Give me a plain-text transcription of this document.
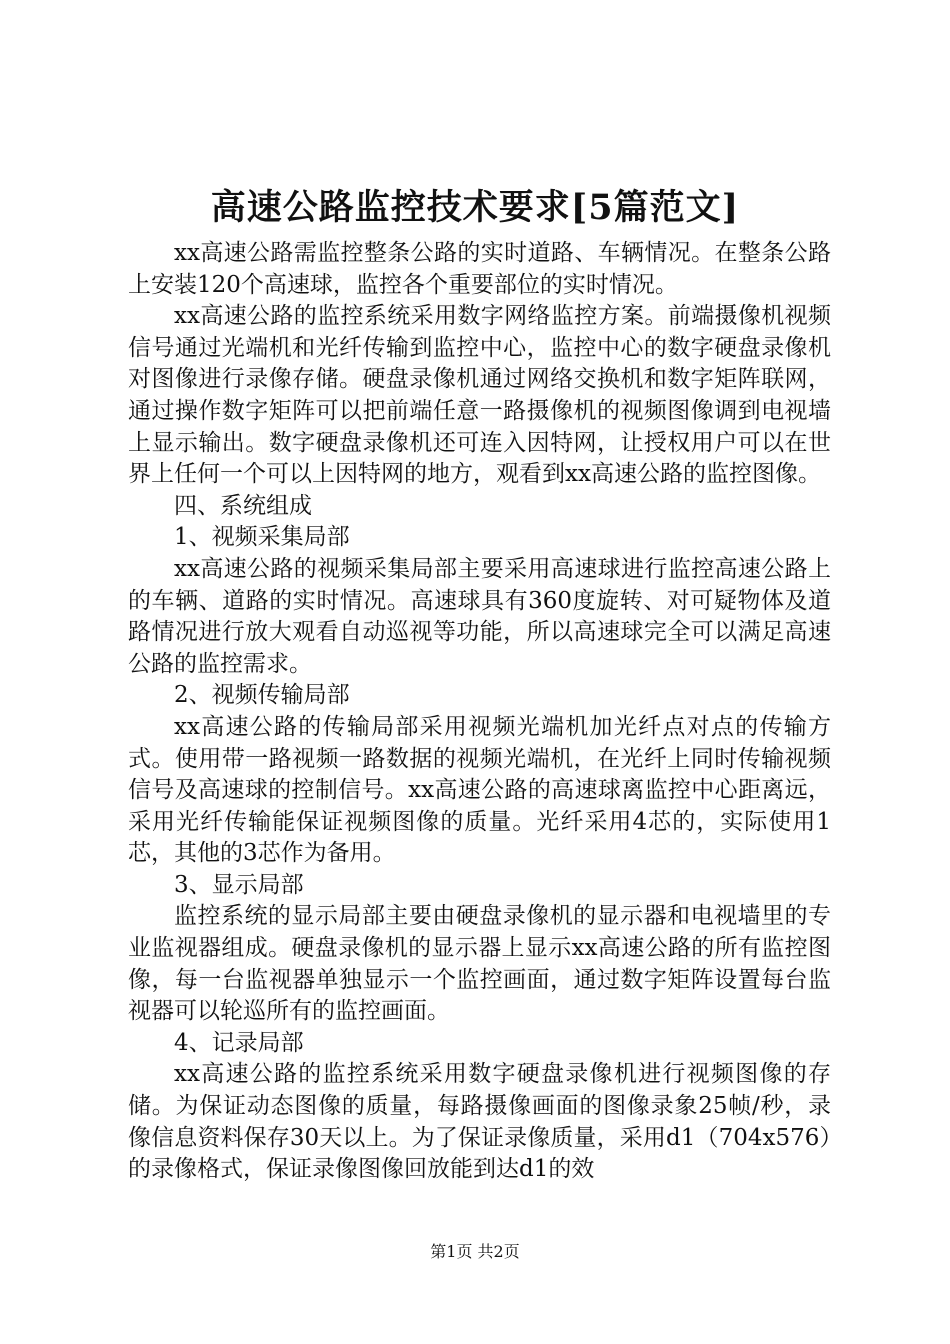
高速公路监控技术要求[5篇范文]

xx高速公路需监控整条公路的实时道路、车辆情况。在整条公路上安装120个高速球，监控各个重要部位的实时情况。

xx高速公路的监控系统采用数字网络监控方案。前端摄像机视频信号通过光端机和光纤传输到监控中心，监控中心的数字硬盘录像机对图像进行录像存储。硬盘录像机通过网络交换机和数字矩阵联网，通过操作数字矩阵可以把前端任意一路摄像机的视频图像调到电视墙上显示输出。数字硬盘录像机还可连入因特网，让授权用户可以在世界上任何一个可以上因特网的地方，观看到xx高速公路的监控图像。

四、系统组成

1、视频采集局部

xx高速公路的视频采集局部主要采用高速球进行监控高速公路上的车辆、道路的实时情况。高速球具有360度旋转、对可疑物体及道路情况进行放大观看自动巡视等功能，所以高速球完全可以满足高速公路的监控需求。

2、视频传输局部

xx高速公路的传输局部采用视频光端机加光纤点对点的传输方式。使用带一路视频一路数据的视频光端机，在光纤上同时传输视频信号及高速球的控制信号。xx高速公路的高速球离监控中心距离远，采用光纤传输能保证视频图像的质量。光纤采用4芯的，实际使用1芯，其他的3芯作为备用。

3、显示局部

监控系统的显示局部主要由硬盘录像机的显示器和电视墙里的专业监视器组成。硬盘录像机的显示器上显示xx高速公路的所有监控图像，每一台监视器单独显示一个监控画面，通过数字矩阵设置每台监视器可以轮巡所有的监控画面。

4、记录局部

xx高速公路的监控系统采用数字硬盘录像机进行视频图像的存储。为保证动态图像的质量，每路摄像画面的图像录象25帧/秒，录像信息资料保存30天以上。为了保证录像质量，采用d1（704x576）的录像格式，保证录像图像回放能到达d1的效

第1页 共2页
